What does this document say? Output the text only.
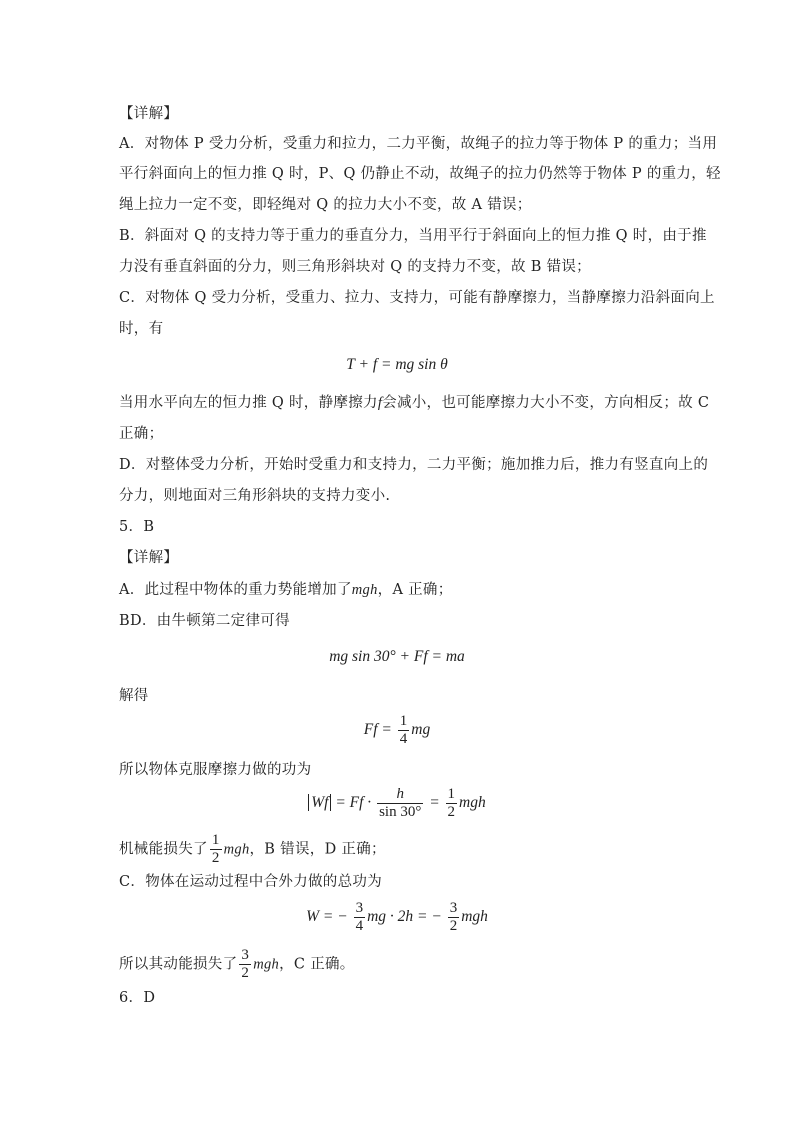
【详解】
A．对物体 P 受力分析，受重力和拉力，二力平衡，故绳子的拉力等于物体 P 的重力；当用
平行斜面向上的恒力推 Q 时，P、Q 仍静止不动，故绳子的拉力仍然等于物体 P 的重力，轻
绳上拉力一定不变，即轻绳对 Q 的拉力大小不变，故 A 错误；
B．斜面对 Q 的支持力等于重力的垂直分力，当用平行于斜面向上的恒力推 Q 时，由于推
力没有垂直斜面的分力，则三角形斜块对 Q 的支持力不变，故 B 错误；
C．对物体 Q 受力分析，受重力、拉力、支持力，可能有静摩擦力，当静摩擦力沿斜面向上
时，有
T + f = mg sin θ
当用水平向左的恒力推 Q 时，静摩擦力f会减小，也可能摩擦力大小不变，方向相反；故 C
正确；
D．对整体受力分析，开始时受重力和支持力，二力平衡；施加推力后，推力有竖直向上的
分力，则地面对三角形斜块的支持力变小.
5．B
【详解】
A．此过程中物体的重力势能增加了mgh，A 正确；
BD．由牛顿第二定律可得
mg sin 30° + Ff = ma
解得
$Ff = \frac{1}{4}$ mg
所以物体克服摩擦力做的功为
$Wf = Ff \cdot \frac{h}{\sin 30^\circ} = \frac{1}{2}$ mgh
机械能损失了 $\frac{1}{2}$ mgh，B 错误，D 正确；
C．物体在运动过程中合外力做的总功为
W = − $\frac{3}{4}$ mg · 2h = − $\frac{3}{2}$ mgh
所以其动能损失了 $\frac{3}{2}$ mgh，C 正确。
6．D
